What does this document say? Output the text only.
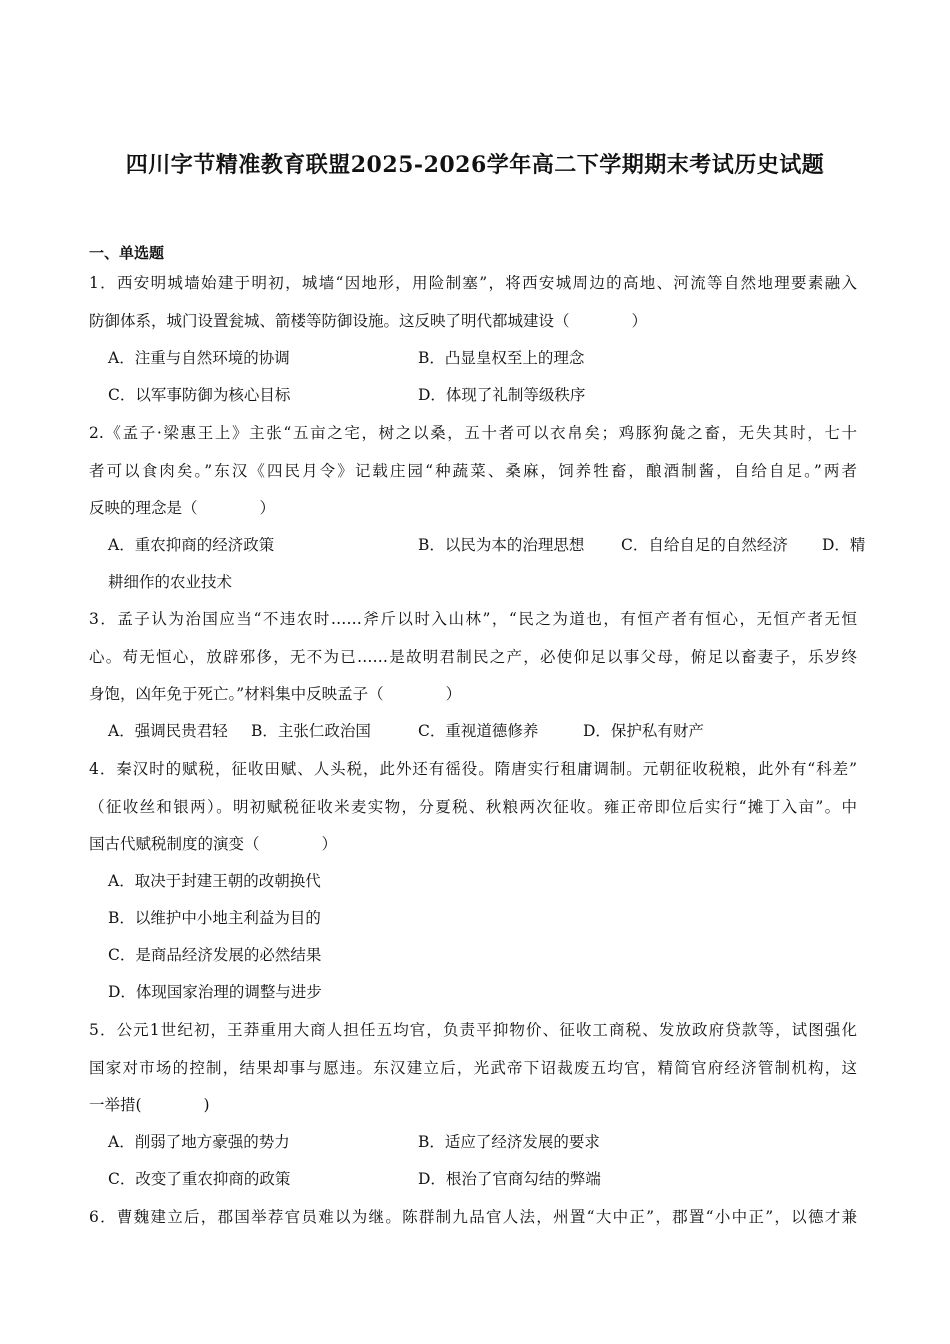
四川字节精准教育联盟2025-2026学年高二下学期期末考试历史试题
一、单选题
1．西安明城墙始建于明初，城墙“因地形，用险制塞”，将西安城周边的高地、河流等自然地理要素融入
防御体系，城门设置瓮城、箭楼等防御设施。这反映了明代都城建设（　　　　）
A．注重与自然环境的协调	B．凸显皇权至上的理念
C．以军事防御为核心目标	D．体现了礼制等级秩序
2.《孟子·梁惠王上》主张“五亩之宅，树之以桑，五十者可以衣帛矣；鸡豚狗彘之畜，无失其时，七十
者可以食肉矣。”东汉《四民月令》记载庄园“种蔬菜、桑麻，饲养牲畜，酿酒制酱，自给自足。”两者
反映的理念是（　　　　）
A．重农抑商的经济政策	B．以民为本的治理思想 C．自给自足的自然经济 D．精
耕细作的农业技术
3．孟子认为治国应当“不违农时……斧斤以时入山林”，“民之为道也，有恒产者有恒心，无恒产者无恒
心。苟无恒心，放辟邪侈，无不为已……是故明君制民之产，必使仰足以事父母，俯足以畜妻子，乐岁终
身饱，凶年免于死亡。”材料集中反映孟子（　　　　）
A．强调民贵君轻 B．主张仁政治国	C．重视道德修养	D．保护私有财产
4．秦汉时的赋税，征收田赋、人头税，此外还有徭役。隋唐实行租庸调制。元朝征收税粮，此外有“科差”
（征收丝和银两）。明初赋税征收米麦实物，分夏税、秋粮两次征收。雍正帝即位后实行“摊丁入亩”。中
国古代赋税制度的演变（　　　　）
A．取决于封建王朝的改朝换代
B．以维护中小地主利益为目的
C．是商品经济发展的必然结果
D．体现国家治理的调整与进步
5．公元1世纪初，王莽重用大商人担任五均官，负责平抑物价、征收工商税、发放政府贷款等，试图强化
国家对市场的控制，结果却事与愿违。东汉建立后，光武帝下诏裁废五均官，精简官府经济管制机构，这
一举措(　　　　)
A．削弱了地方豪强的势力	B．适应了经济发展的要求
C．改变了重农抑商的政策	D．根治了官商勾结的弊端
6．曹魏建立后，郡国举荐官员难以为继。陈群制九品官人法，州置“大中正”，郡置“小中正”，以德才兼
